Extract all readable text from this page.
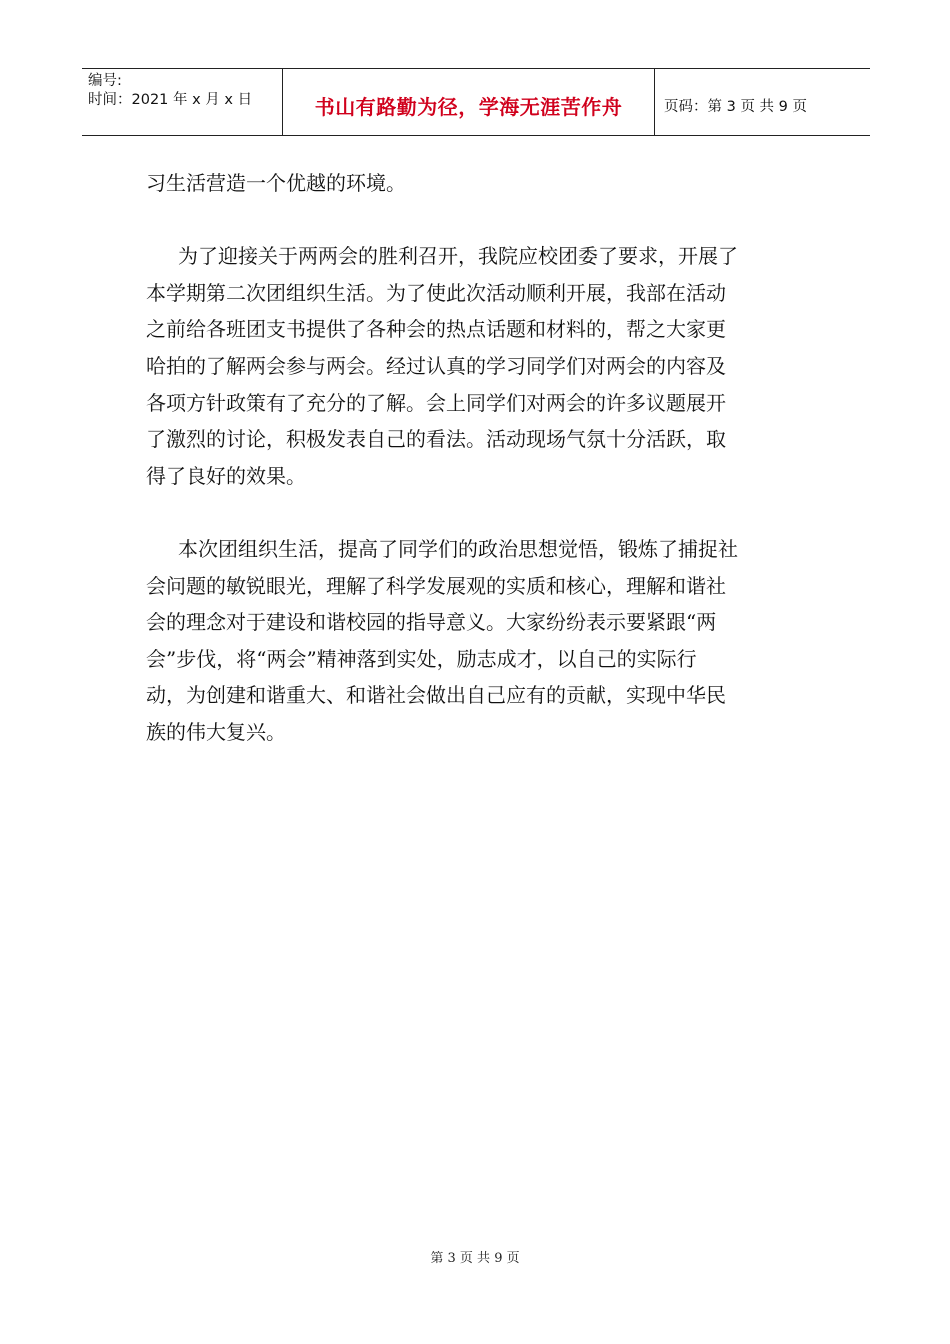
编号:
时间：2021 年 x 月 x 日	书山有路勤为径，学海无涯苦作舟	页码：第 3 页 共 9 页

习生活营造一个优越的环境。

为了迎接关于两两会的胜利召开，我院应校团委了要求，开展了
本学期第二次团组织生活。为了使此次活动顺利开展，我部在活动
之前给各班团支书提供了各种会的热点话题和材料的，帮之大家更
哈拍的了解两会参与两会。经过认真的学习同学们对两会的内容及
各项方针政策有了充分的了解。会上同学们对两会的许多议题展开
了激烈的讨论，积极发表自己的看法。活动现场气氛十分活跃，取
得了良好的效果。

本次团组织生活，提高了同学们的政治思想觉悟，锻炼了捕捉社
会问题的敏锐眼光，理解了科学发展观的实质和核心，理解和谐社
会的理念对于建设和谐校园的指导意义。大家纷纷表示要紧跟“两
会”步伐，将“两会”精神落到实处，励志成才，以自己的实际行
动，为创建和谐重大、和谐社会做出自己应有的贡献，实现中华民
族的伟大复兴。

第 3 页 共 9 页
